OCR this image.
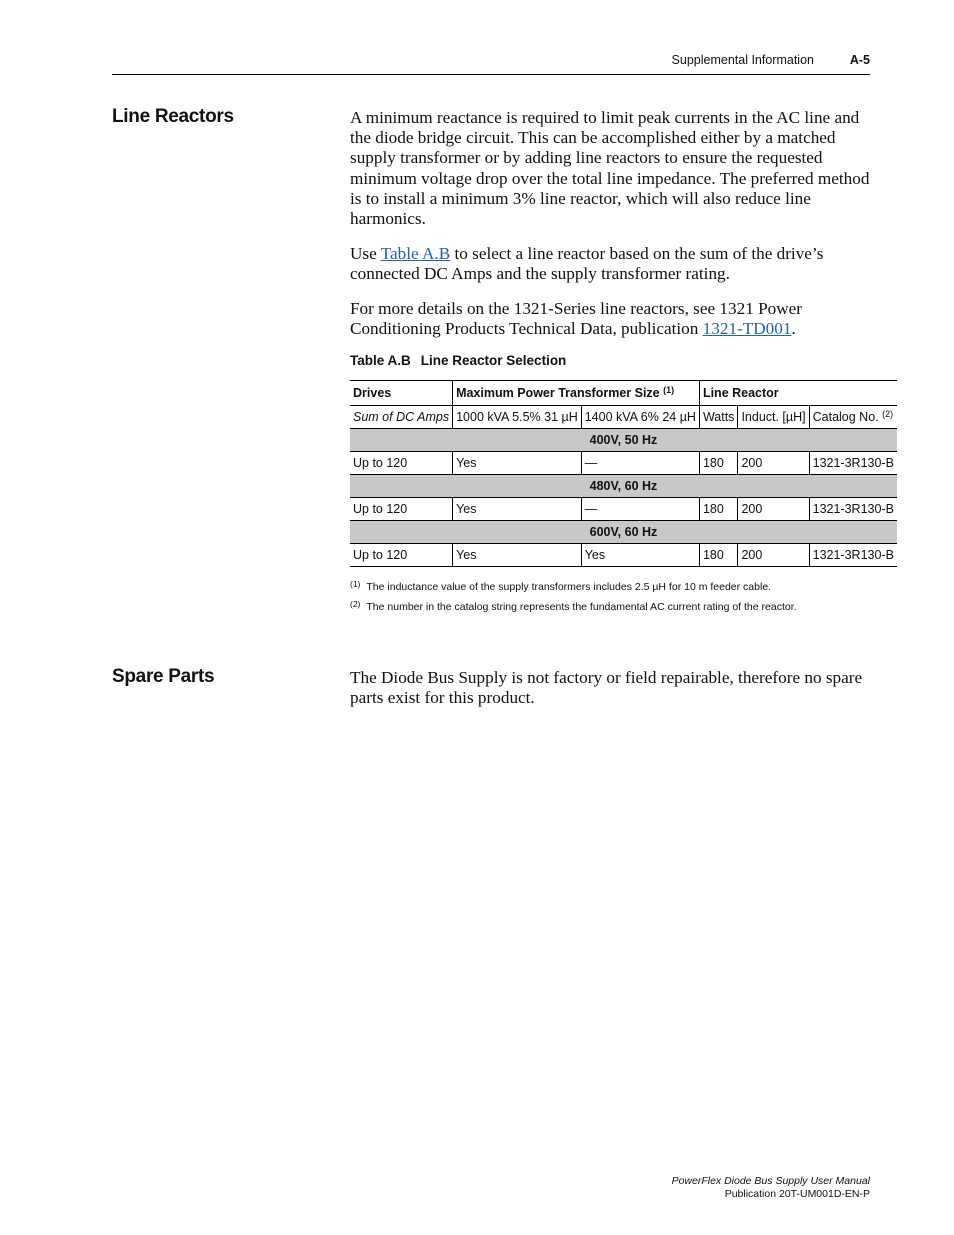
Supplemental Information	A-5
Line Reactors	A minimum reactance is required to limit peak currents in the AC line and the diode bridge circuit. This can be accomplished either by a matched supply transformer or by adding line reactors to ensure the requested minimum voltage drop over the total line impedance. The preferred method is to install a minimum 3% line reactor, which will also reduce line harmonics.

Use Table A.B to select a line reactor based on the sum of the drive’s connected DC Amps and the supply transformer rating.

For more details on the 1321-Series line reactors, see 1321 Power Conditioning Products Technical Data, publication 1321-TD001.

Table A.B Line Reactor Selection
Drives	Maximum Power Transformer Size $^{(1)}$		Line Reactor		
Sum of DC Amps	1000 kVA 5.5% 31 µH	1400 kVA 6% 24 µH	Watts	Induct. [µH]	Catalog No. $^{(2)}$
400V, 50 Hz					
Up to 120	Yes	—	180	200	1321-3R130-B
480V, 60 Hz					
Up to 120	Yes	—	180	200	1321-3R130-B
600V, 60 Hz					
Up to 120	Yes	Yes	180	200	1321-3R130-B
$^{(1)}$ The inductance value of the supply transformers includes 2.5 µH for 10 m feeder cable.
$^{(2)}$ The number in the catalog string represents the fundamental AC current rating of the reactor.
Spare Parts	The Diode Bus Supply is not factory or field repairable, therefore no spare parts exist for this product.

PowerFlex Diode Bus Supply User Manual
Publication 20T-UM001D-EN-P
